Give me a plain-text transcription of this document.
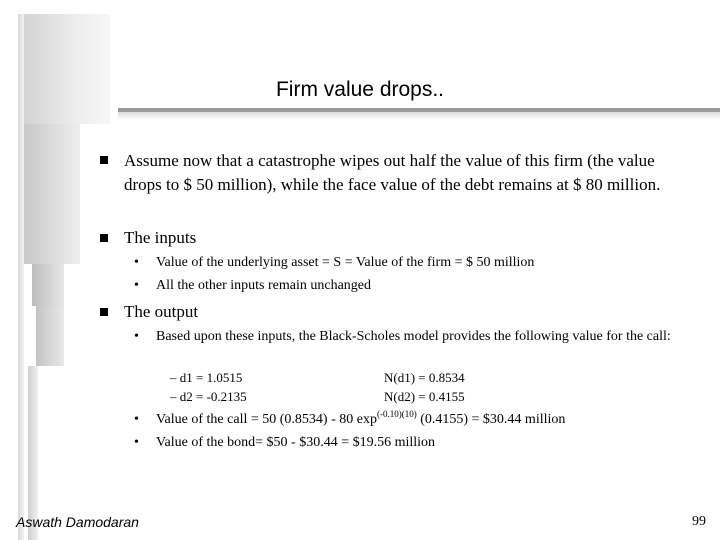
Firm value drops..
Assume now that a catastrophe wipes out half the value of this firm (the value drops to $ 50 million), while the face value of the debt remains at $ 80 million.
The inputs
• Value of the underlying asset = S = Value of the firm = $ 50 million
• All the other inputs remain unchanged
The output
• Based upon these inputs, the Black-Scholes model provides the following value for the call:
– d1 = 1.0515	N(d1) = 0.8534
– d2 = -0.2135	N(d2) = 0.4155
• Value of the call = 50 (0.8534) - 80 $\exp^{(-0.10)(10)} (0.4155)$ = $30.44 million
• Value of the bond= $50 - $30.44 = $19.56 million
Aswath Damodaran	99
